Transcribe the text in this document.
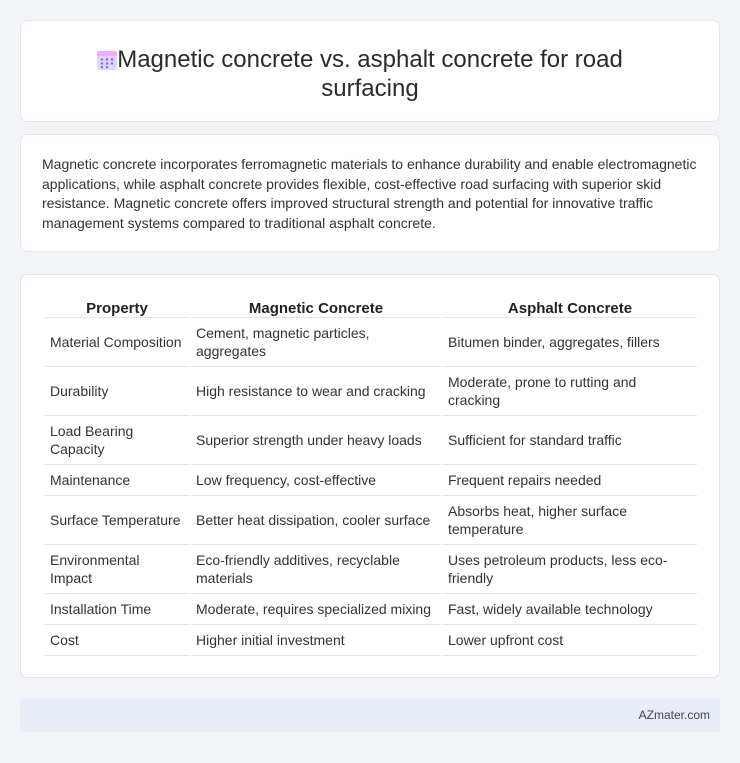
Magnetic concrete vs. asphalt concrete for road surfacing

Magnetic concrete incorporates ferromagnetic materials to enhance durability and enable electromagnetic applications, while asphalt concrete provides flexible, cost-effective road surfacing with superior skid resistance. Magnetic concrete offers improved structural strength and potential for innovative traffic management systems compared to traditional asphalt concrete.

Property	Magnetic Concrete	Asphalt Concrete
Material Composition	Cement, magnetic particles, aggregates	Bitumen binder, aggregates, fillers
Durability	High resistance to wear and cracking	Moderate, prone to rutting and cracking
Load Bearing Capacity	Superior strength under heavy loads	Sufficient for standard traffic
Maintenance	Low frequency, cost-effective	Frequent repairs needed
Surface Temperature	Better heat dissipation, cooler surface	Absorbs heat, higher surface temperature
Environmental Impact	Eco-friendly additives, recyclable materials	Uses petroleum products, less eco-friendly
Installation Time	Moderate, requires specialized mixing	Fast, widely available technology
Cost	Higher initial investment	Lower upfront cost
AZmater.com
